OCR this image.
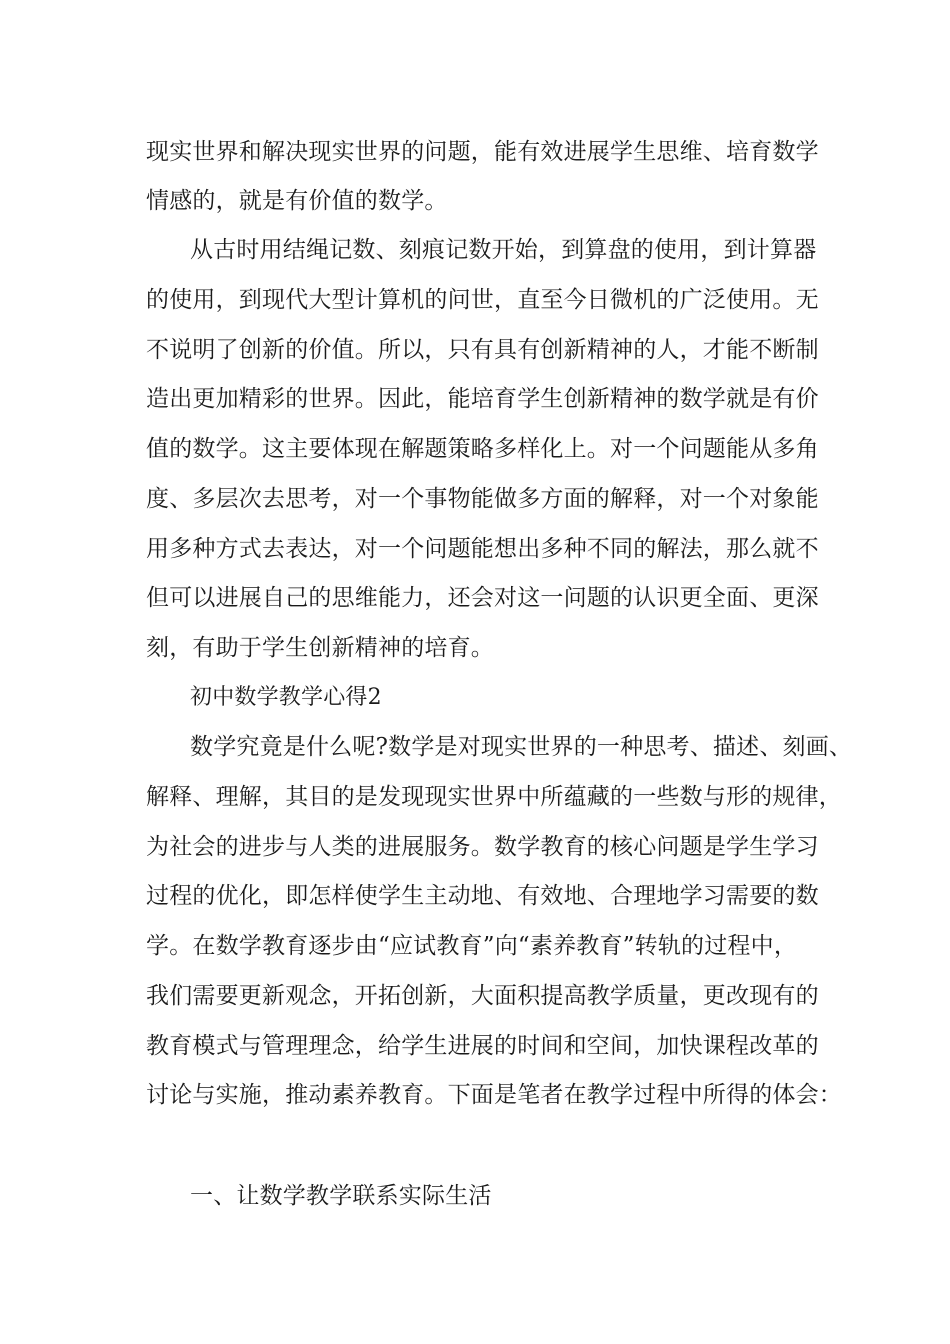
现实世界和解决现实世界的问题，能有效进展学生思维、培育数学
情感的，就是有价值的数学。
从古时用结绳记数、刻痕记数开始，到算盘的使用，到计算器
的使用，到现代大型计算机的问世，直至今日微机的广泛使用。无
不说明了创新的价值。所以，只有具有创新精神的人，才能不断制
造出更加精彩的世界。因此，能培育学生创新精神的数学就是有价
值的数学。这主要体现在解题策略多样化上。对一个问题能从多角
度、多层次去思考，对一个事物能做多方面的解释，对一个对象能
用多种方式去表达，对一个问题能想出多种不同的解法，那么就不
但可以进展自己的思维能力，还会对这一问题的认识更全面、更深
刻，有助于学生创新精神的培育。
初中数学教学心得2
数学究竟是什么呢?数学是对现实世界的一种思考、描述、刻画、
解释、理解，其目的是发现现实世界中所蕴藏的一些数与形的规律，
为社会的进步与人类的进展服务。数学教育的核心问题是学生学习
过程的优化，即怎样使学生主动地、有效地、合理地学习需要的数
学。在数学教育逐步由“应试教育”向“素养教育”转轨的过程中，
我们需要更新观念，开拓创新，大面积提高教学质量，更改现有的
教育模式与管理理念，给学生进展的时间和空间，加快课程改革的
讨论与实施，推动素养教育。下面是笔者在教学过程中所得的体会：
一、让数学教学联系实际生活
